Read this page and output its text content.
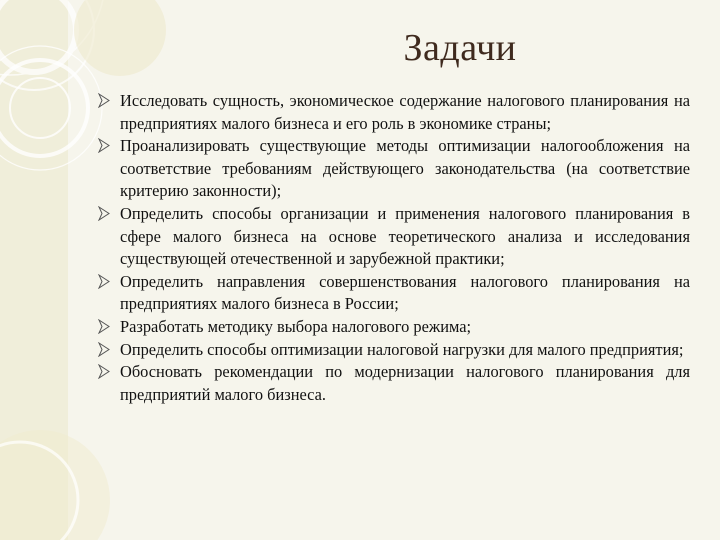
Задачи
Исследовать сущность, экономическое содержание налогового планирования на предприятиях малого бизнеса и его роль в экономике страны;
Проанализировать существующие методы оптимизации налогообложения на соответствие требованиям действующего законодательства (на соответствие критерию законности);
Определить способы организации и применения налогового планирования в сфере малого бизнеса на основе теоретического анализа и исследования существующей отечественной и зарубежной практики;
Определить направления совершенствования налогового планирования на предприятиях малого бизнеса в России;
Разработать методику выбора налогового режима;
Определить способы оптимизации налоговой нагрузки для малого предприятия;
Обосновать рекомендации по модернизации налогового планирования для предприятий малого бизнеса.
